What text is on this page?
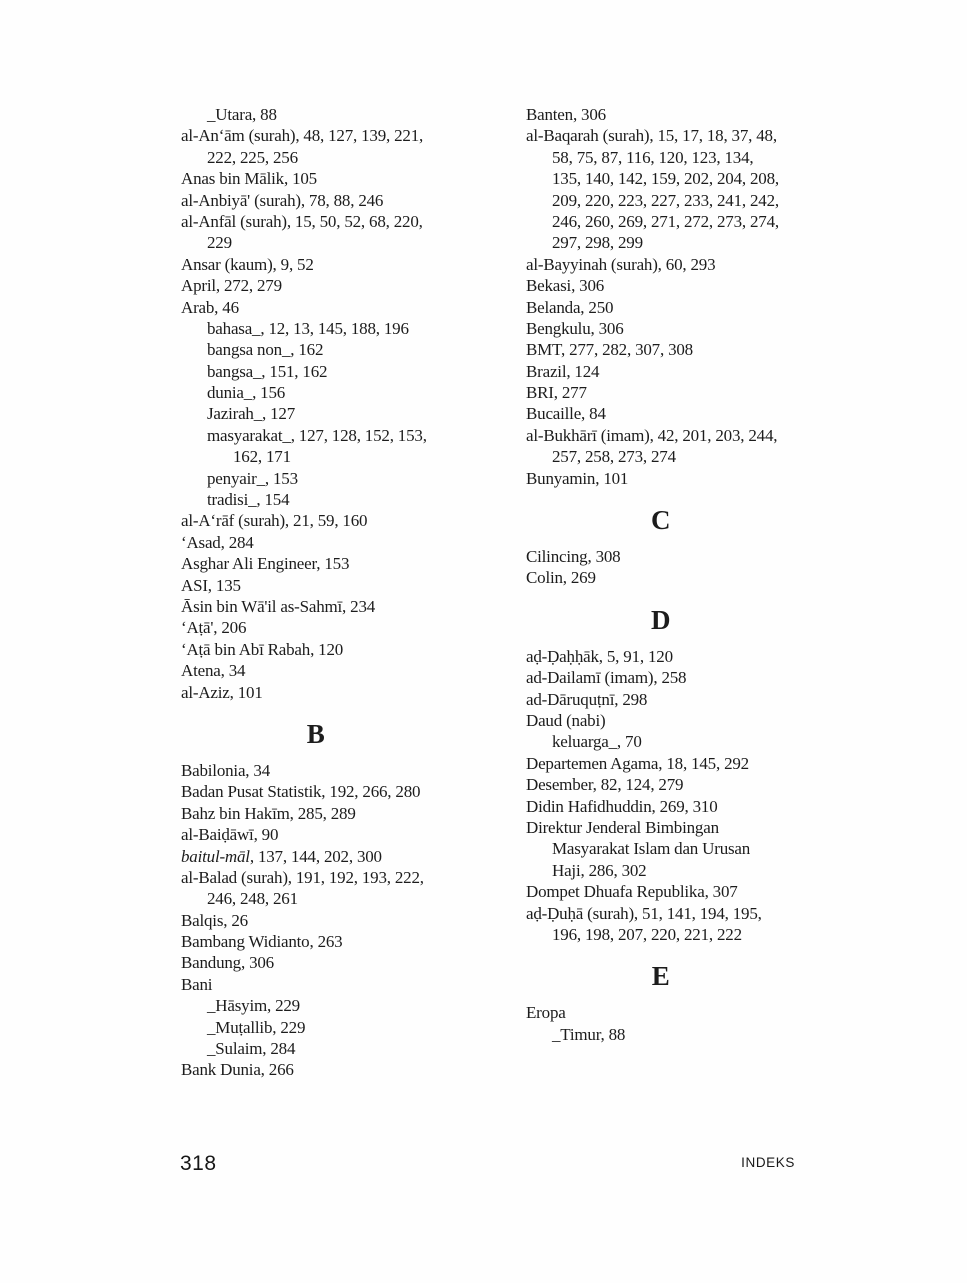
_Utara, 88
al-An‘ām (surah), 48, 127, 139, 221,
222, 225, 256
Anas bin Mālik, 105
al-Anbiyā' (surah), 78, 88, 246
al-Anfāl (surah), 15, 50, 52, 68, 220,
229
Ansar (kaum), 9, 52
April, 272, 279
Arab, 46
bahasa_, 12, 13, 145, 188, 196
bangsa non_, 162
bangsa_, 151, 162
dunia_, 156
Jazirah_, 127
masyarakat_, 127, 128, 152, 153,
162, 171
penyair_, 153
tradisi_, 154
al-A‘rāf (surah), 21, 59, 160
‘Asad, 284
Asghar Ali Engineer, 153
ASI, 135
Āsin bin Wā'il as-Sahmī, 234
‘Aṭā', 206
‘Aṭā bin Abī Rabah, 120
Atena, 34
al-Aziz, 101
B
Babilonia, 34
Badan Pusat Statistik, 192, 266, 280
Bahz bin Hakīm, 285, 289
al-Baiḍāwī, 90
baitul-māl, 137, 144, 202, 300
al-Balad (surah), 191, 192, 193, 222,
246, 248, 261
Balqis, 26
Bambang Widianto, 263
Bandung, 306
Bani
_Hāsyim, 229
_Muṭallib, 229
_Sulaim, 284
Bank Dunia, 266
Banten, 306
al-Baqarah (surah), 15, 17, 18, 37, 48,
58, 75, 87, 116, 120, 123, 134,
135, 140, 142, 159, 202, 204, 208,
209, 220, 223, 227, 233, 241, 242,
246, 260, 269, 271, 272, 273, 274,
297, 298, 299
al-Bayyinah (surah), 60, 293
Bekasi, 306
Belanda, 250
Bengkulu, 306
BMT, 277, 282, 307, 308
Brazil, 124
BRI, 277
Bucaille, 84
al-Bukhārī (imam), 42, 201, 203, 244,
257, 258, 273, 274
Bunyamin, 101
C
Cilincing, 308
Colin, 269
D
aḍ-Ḍaḥḥāk, 5, 91, 120
ad-Dailamī (imam), 258
ad-Dāruquṭnī, 298
Daud (nabi)
keluarga_, 70
Departemen Agama, 18, 145, 292
Desember, 82, 124, 279
Didin Hafidhuddin, 269, 310
Direktur Jenderal Bimbingan
Masyarakat Islam dan Urusan
Haji, 286, 302
Dompet Dhuafa Republika, 307
aḍ-Ḍuḥā (surah), 51, 141, 194, 195,
196, 198, 207, 220, 221, 222
E
Eropa
_Timur, 88
318	INDEKS
